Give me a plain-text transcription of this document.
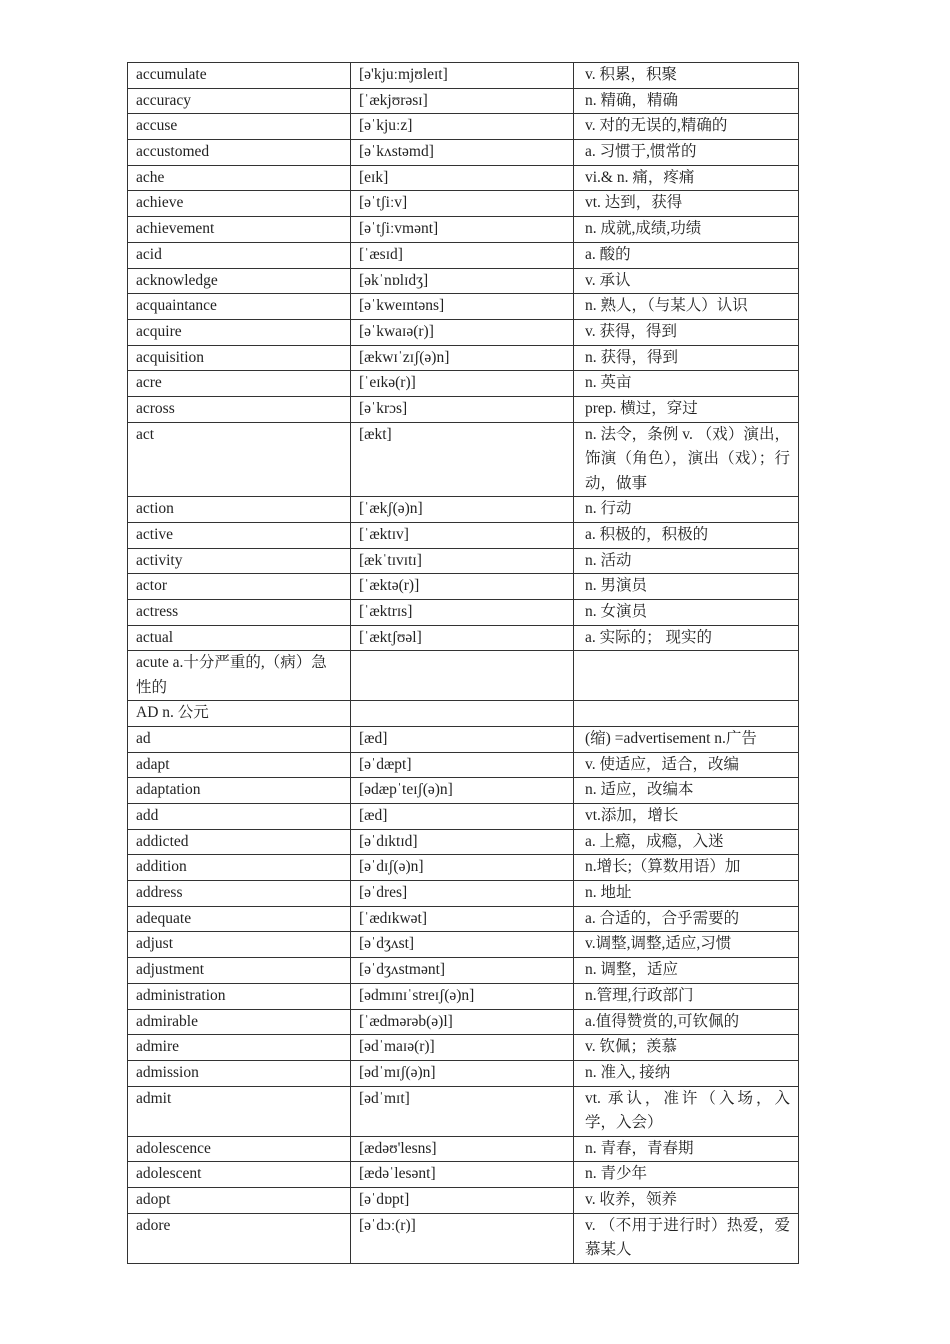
accumulate	[ə'kjuːmjʊleɪt]	v. 积累，积聚
accuracy	[ˈækjʊrəsɪ]	n. 精确，精确
accuse	[əˈkjuːz]	v. 对的无误的,精确的
accustomed	[əˈkʌstəmd]	a. 习惯于,惯常的
ache	[eɪk]	vi.& n. 痛，疼痛
achieve	[əˈtʃiːv]	vt. 达到，获得
achievement	[əˈtʃiːvmənt]	n. 成就,成绩,功绩
acid	[ˈæsɪd]	a. 酸的
acknowledge	[əkˈnɒlɪdʒ]	v. 承认
acquaintance	[əˈkweɪntəns]	n. 熟人，（与某人）认识
acquire	[əˈkwaɪə(r)]	v. 获得，得到
acquisition	[ækwɪˈzɪʃ(ə)n]	n. 获得，得到
acre	[ˈeɪkə(r)]	n. 英亩
across	[əˈkrɔs]	prep. 横过，穿过
act	[ækt]	n. 法令，条例 v. （戏）演出，饰演（角色），演出（戏）；行动，做事
action	[ˈækʃ(ə)n]	n. 行动
active	[ˈæktɪv]	a. 积极的，积极的
activity	[ækˈtɪvɪtɪ]	n. 活动
actor	[ˈæktə(r)]	n. 男演员
actress	[ˈæktrɪs]	n. 女演员
actual	[ˈæktʃʊəl]	a. 实际的； 现实的
acute a.十分严重的,（病）急性的		
AD n. 公元		
ad	[æd]	(缩) =advertisement n.广告
adapt	[əˈdæpt]	v. 使适应，适合，改编
adaptation	[ədæpˈteɪʃ(ə)n]	n. 适应，改编本
add	[æd]	vt.添加，增长
addicted	[əˈdɪktɪd]	a. 上瘾，成瘾，入迷
addition	[əˈdɪʃ(ə)n]	n.增长;（算数用语）加
address	[əˈdres]	n. 地址
adequate	[ˈædɪkwət]	a. 合适的，合乎需要的
adjust	[əˈdʒʌst]	v.调整,调整,适应,习惯
adjustment	[əˈdʒʌstmənt]	n. 调整，适应
administration	[ədmɪnɪˈstreɪʃ(ə)n]	n.管理,行政部门
admirable	[ˈædmərəb(ə)l]	a.值得赞赏的,可钦佩的
admire	[ədˈmaɪə(r)]	v. 钦佩；羡慕
admission	[ədˈmɪʃ(ə)n]	n. 准入, 接纳
admit	[ədˈmɪt]	vt. 承认，准许（入场，入学，入会）
adolescence	[ædəʊ'lesns]	n. 青春，青春期
adolescent	[ædəˈlesənt]	n. 青少年
adopt	[əˈdɒpt]	v. 收养，领养
adore	[əˈdɔː(r)]	v. （不用于进行时）热爱，爱慕某人
